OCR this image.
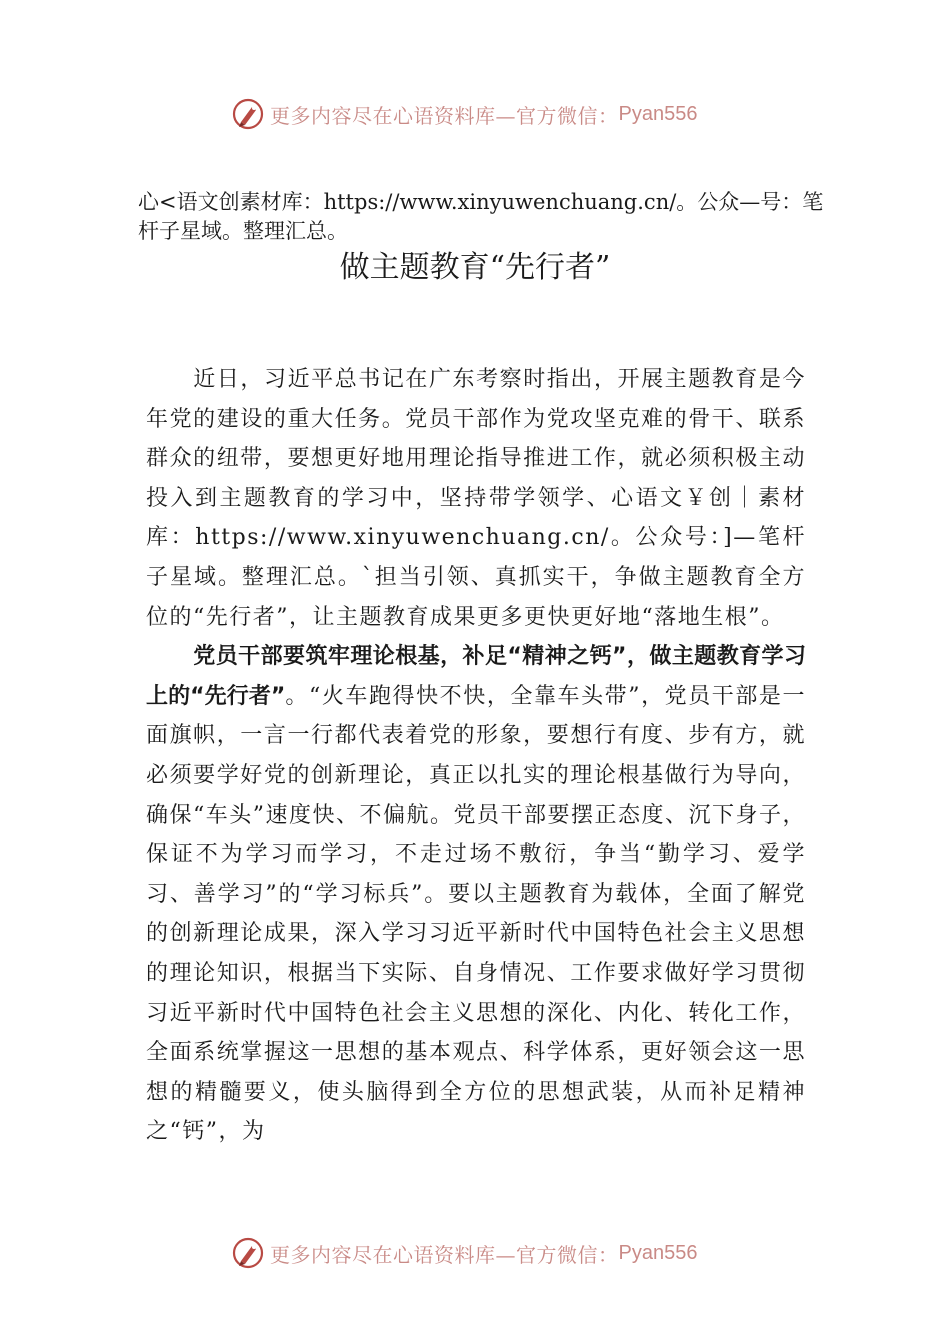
更多内容尽在心语资料库—官方微信： Pyan556
心<语文创素材库：https://www.xinyuwenchuang.cn/。公众—号：笔杆子星域。整理汇总。
做主题教育“先行者”

近日，习近平总书记在广东考察时指出，开展主题教育是今年党的建设的重大任务。党员干部作为党攻坚克难的骨干、联系群众的纽带，要想更好地用理论指导推进工作，就必须积极主动投入到主题教育的学习中，坚持带学领学、心语文￥创｜素材库：https://www.xinyuwenchuang.cn/。公众号：]—笔杆子星域。整理汇总。`担当引领、真抓实干，争做主题教育全方位的“先行者”，让主题教育成果更多更快更好地“落地生根”。

党员干部要筑牢理论根基，补足“精神之钙”，做主题教育学习上的“先行者”。“火车跑得快不快，全靠车头带”，党员干部是一面旗帜，一言一行都代表着党的形象，要想行有度、步有方，就必须要学好党的创新理论，真正以扎实的理论根基做行为导向，确保“车头”速度快、不偏航。党员干部要摆正态度、沉下身子，保证不为学习而学习，不走过场不敷衍，争当“勤学习、爱学习、善学习”的“学习标兵”。要以主题教育为载体，全面了解党的创新理论成果，深入学习习近平新时代中国特色社会主义思想的理论知识，根据当下实际、自身情况、工作要求做好学习贯彻习近平新时代中国特色社会主义思想的深化、内化、转化工作，全面系统掌握这一思想的基本观点、科学体系，更好领会这一思想的精髓要义，使头脑得到全方位的思想武装，从而补足精神之“钙”，为

更多内容尽在心语资料库—官方微信： Pyan556
